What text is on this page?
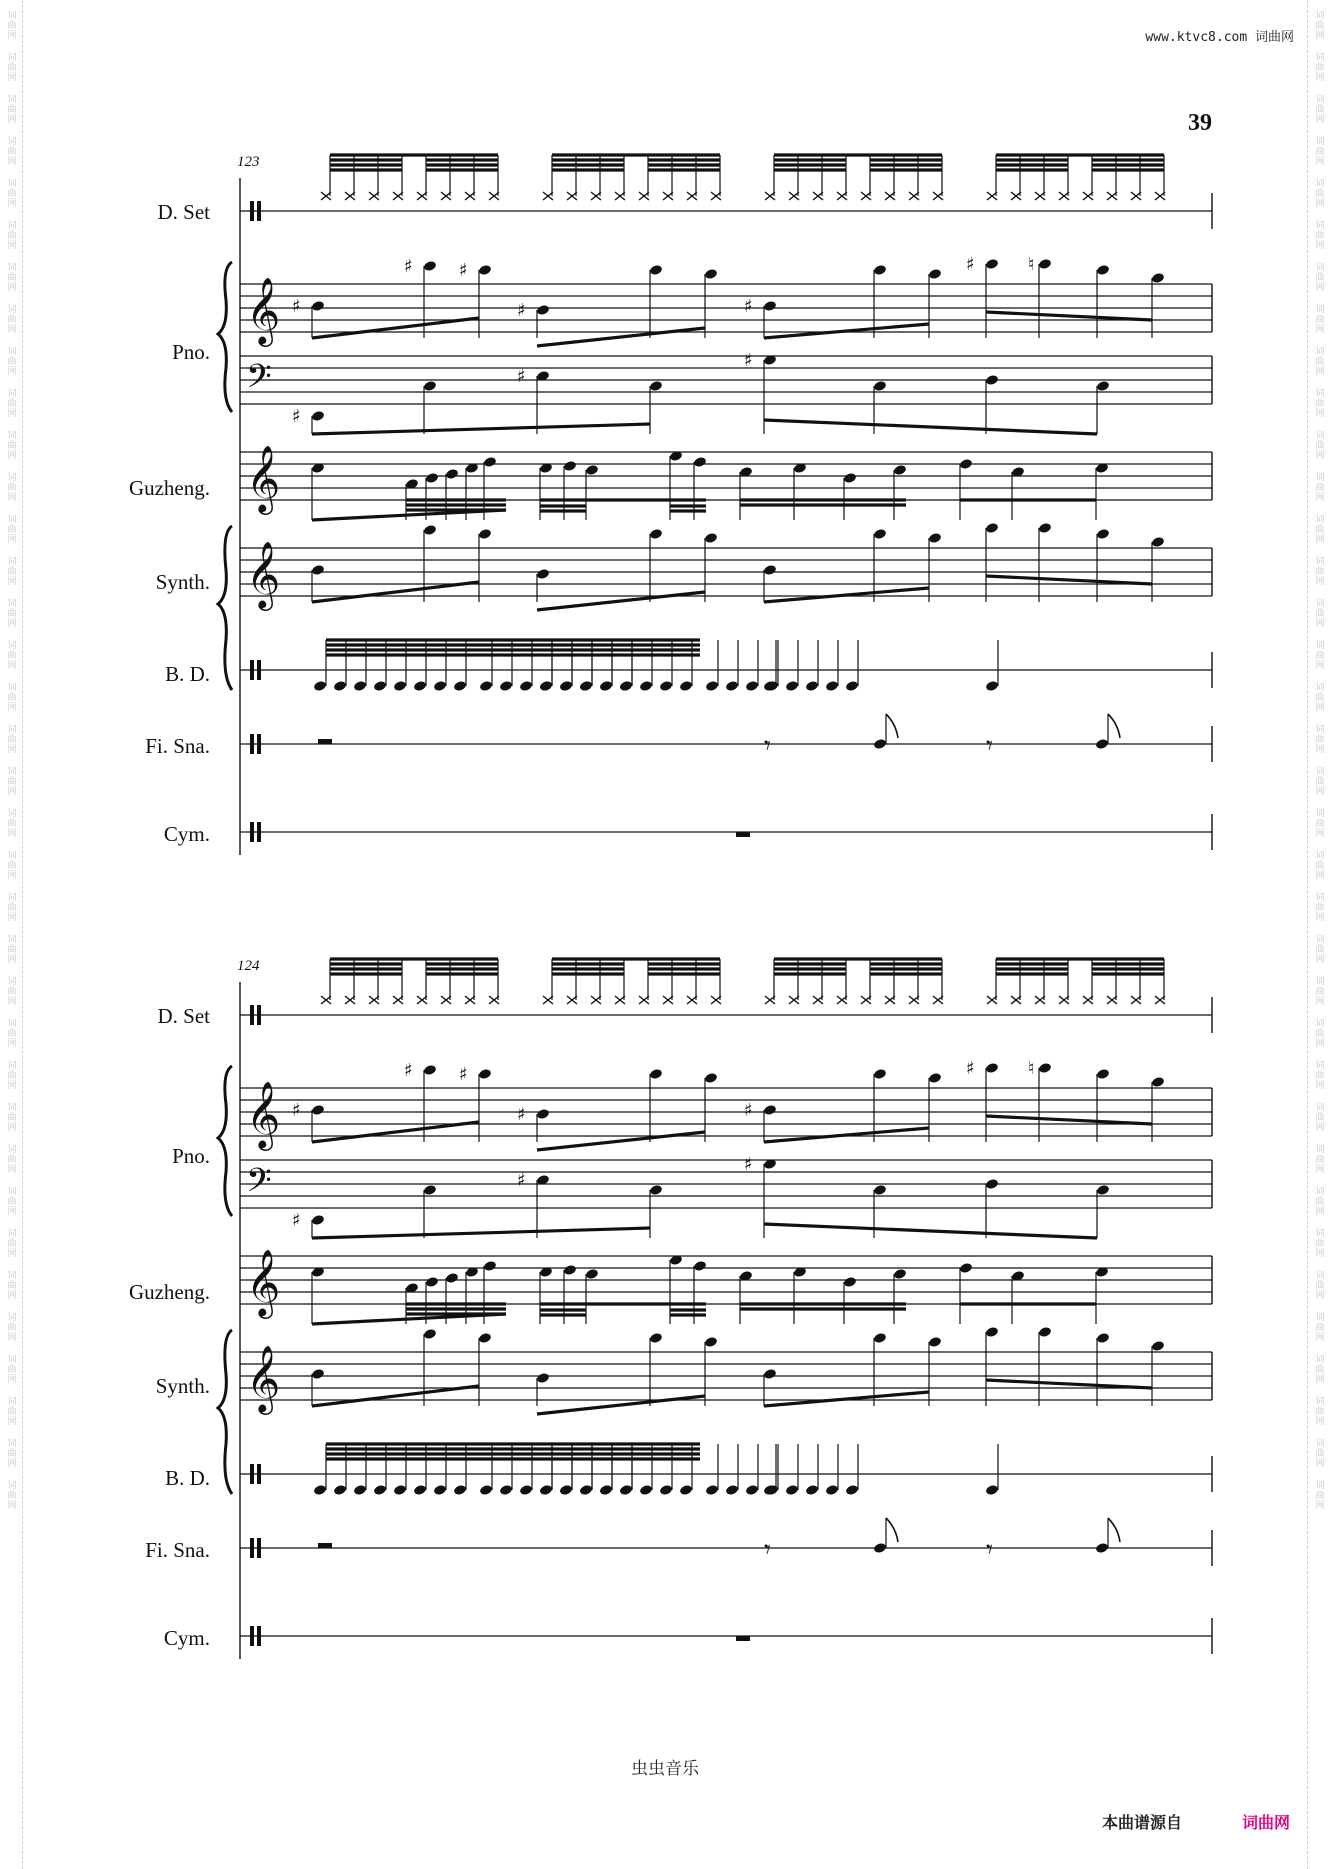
词曲网
词曲网
词曲网
词曲网
词曲网
词曲网
词曲网
词曲网
词曲网
词曲网
词曲网
词曲网
词曲网
词曲网
词曲网
词曲网
词曲网
词曲网
词曲网
词曲网
词曲网
词曲网
词曲网
词曲网
词曲网
词曲网
词曲网
词曲网
词曲网
词曲网
词曲网
词曲网
词曲网
词曲网
词曲网
词曲网
词曲网
词曲网
词曲网
词曲网
词曲网
词曲网
词曲网
词曲网
词曲网
词曲网
词曲网
词曲网
词曲网
词曲网
词曲网
词曲网
词曲网
词曲网
词曲网
词曲网
词曲网
词曲网
词曲网
词曲网
词曲网
词曲网
词曲网
词曲网
词曲网
词曲网
词曲网
词曲网
词曲网
词曲网
词曲网
词曲网
www.ktvc8.com 词曲网
39
123
D. Set
Pno.
Guzheng.
Synth.
B. D.
Fi. Sna.
Cym.
𝄞
𝄢
♯
♯	♯
♯	♯
♯	♮
♯
♯
♯
𝄞
𝄞
𝄾	𝄾
124
D. Set
Pno.
Guzheng.
Synth.
B. D.
Fi. Sna.
Cym.
𝄞
𝄢
♯
♯	♯
♯	♯
♯	♮
♯
♯
♯
𝄞
𝄞
𝄾	𝄾
虫虫音乐
本曲谱源自	词曲网
